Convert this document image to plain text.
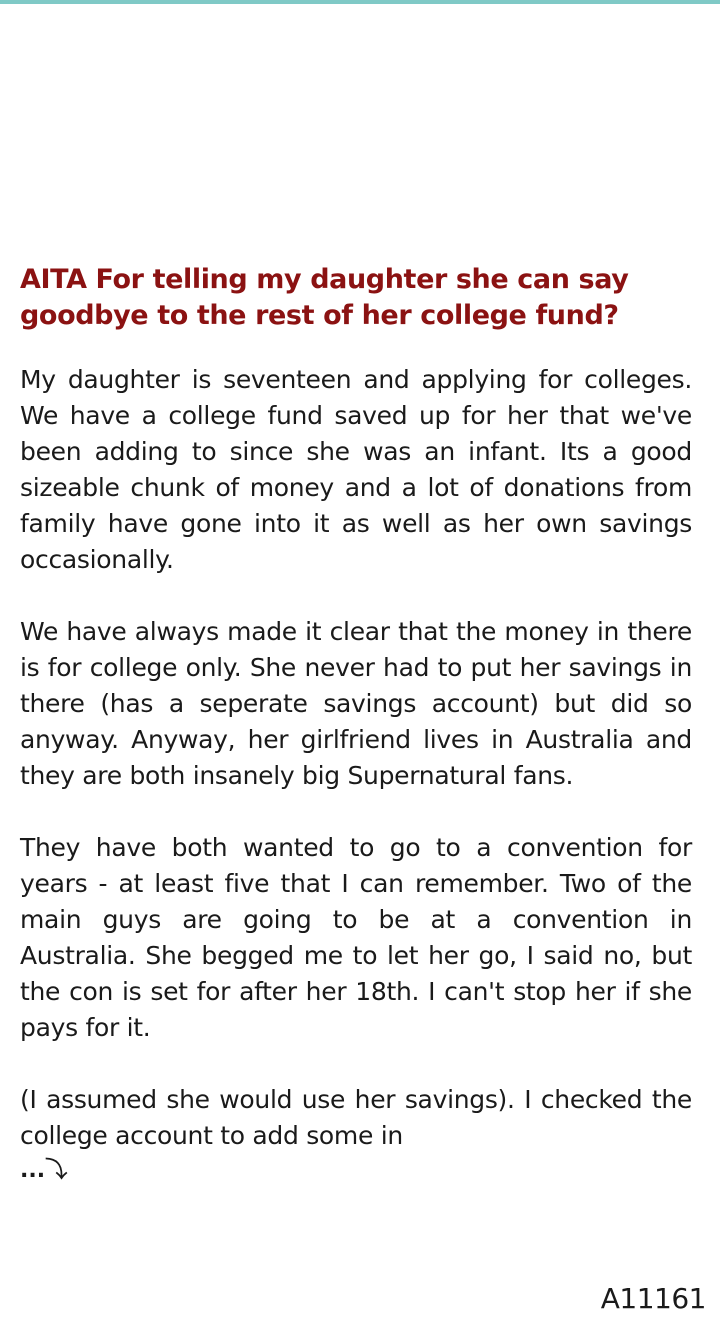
AITA For telling my daughter she can say goodbye to the rest of her college fund?

My daughter is seventeen and applying for colleges. We have a college fund saved up for her that we've been adding to since she was an infant. Its a good sizeable chunk of money and a lot of donations from family have gone into it as well as her own savings occasionally.

We have always made it clear that the money in there is for college only. She never had to put her savings in there (has a seperate savings account) but did so anyway. Anyway, her girlfriend lives in Australia and they are both insanely big Supernatural fans.

They have both wanted to go to a convention for years - at least five that I can remember. Two of the main guys are going to be at a convention in Australia. She begged me to let her go, I said no, but the con is set for after her 18th. I can't stop her if she pays for it.

(I assumed she would use her savings). I checked the college account to add some in

...⤵
A11161
